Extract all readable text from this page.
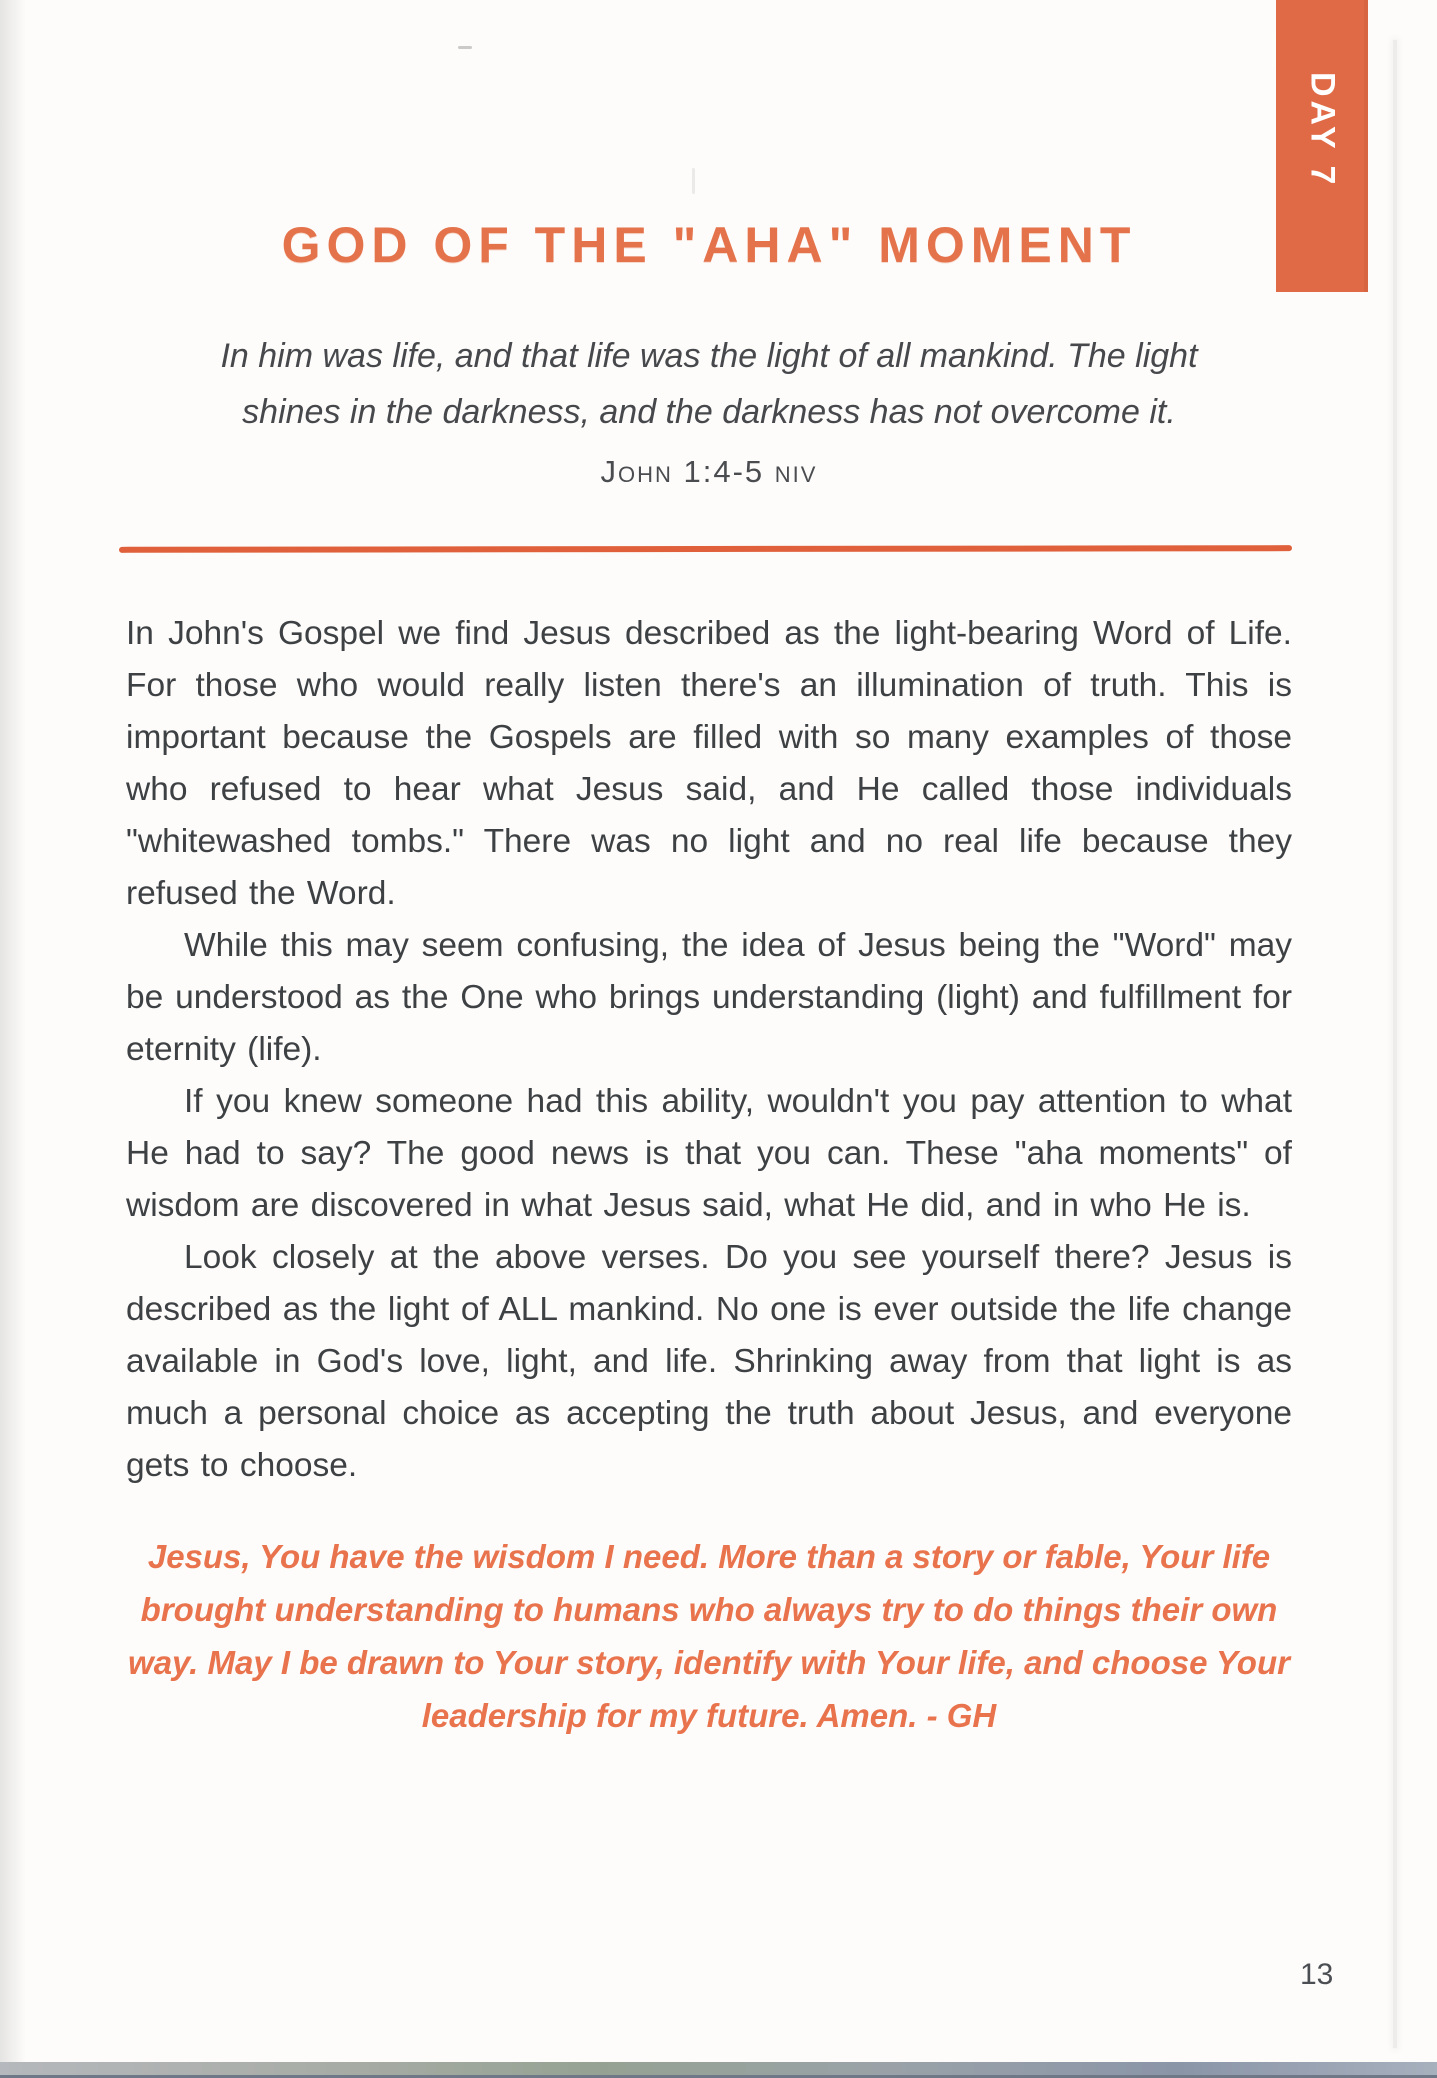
DAY 7
GOD OF THE "AHA" MOMENT
In him was life, and that life was the light of all mankind. The light
shines in the darkness, and the darkness has not overcome it.
John 1:4-5 niv

In John's Gospel we find Jesus described as the light-bearing Word of Life. For those who would really listen there's an illumination of truth. This is important because the Gospels are filled with so many examples of those who refused to hear what Jesus said, and He called those individuals "whitewashed tombs." There was no light and no real life because they refused the Word.

While this may seem confusing, the idea of Jesus being the "Word" may be understood as the One who brings understanding (light) and fulfillment for eternity (life).

If you knew someone had this ability, wouldn't you pay attention to what He had to say? The good news is that you can. These "aha moments" of wisdom are discovered in what Jesus said, what He did, and in who He is.

Look closely at the above verses. Do you see yourself there? Jesus is described as the light of ALL mankind. No one is ever outside the life change available in God's love, light, and life. Shrinking away from that light is as much a personal choice as accepting the truth about Jesus, and everyone gets to choose.

Jesus, You have the wisdom I need. More than a story or fable, Your life brought understanding to humans who always try to do things their own way. May I be drawn to Your story, identify with Your life, and choose Your leadership for my future. Amen. - GH
13
